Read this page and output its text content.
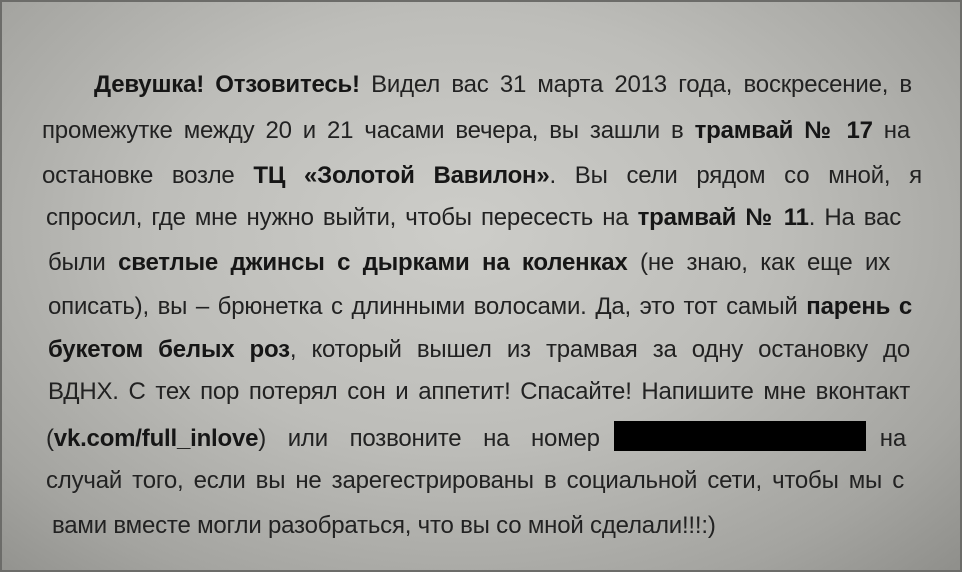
Девушка! Отзовитесь! Видел вас 31 марта 2013 года, воскресение, в
промежутке между 20 и 21 часами вечера, вы зашли в трамвай № 17 на
остановке возле ТЦ «Золотой Вавилон». Вы сели рядом со мной, я
спросил, где мне нужно выйти, чтобы пересесть на трамвай № 11. На вас
были светлые джинсы с дырками на коленках (не знаю, как еще их
описать), вы – брюнетка с длинными волосами. Да, это тот самый парень с
букетом белых роз, который вышел из трамвая за одну остановку до
ВДНХ. С тех пор потерял сон и аппетит! Спасайте! Напишите мне вконтакт
(vk.com/full_inlove) или позвоните на номер	на
случай того, если вы не зарегестрированы в социальной сети, чтобы мы с
вами вместе могли разобраться, что вы со мной сделали!!!:)
